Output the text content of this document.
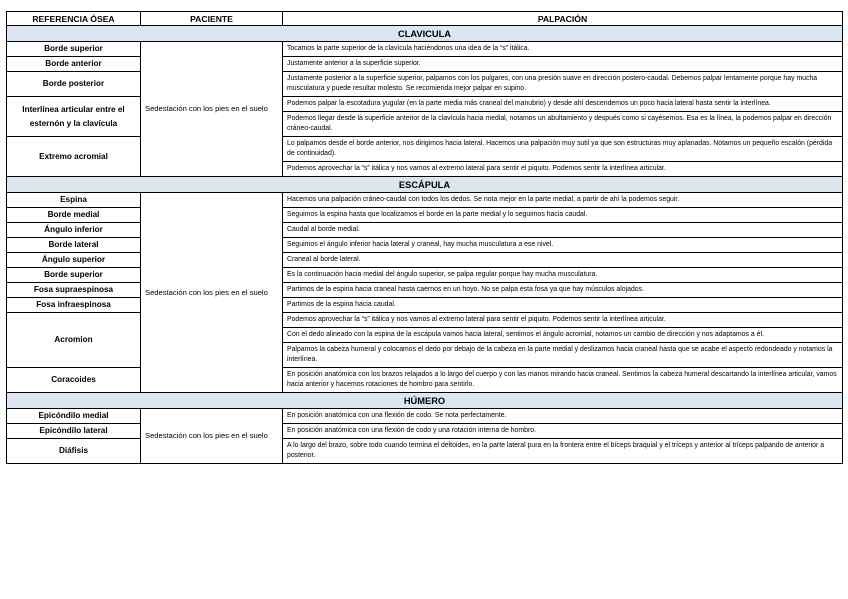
REFERENCIA ÓSEA	PACIENTE	PALPACIÓN
CLAVICULA		
Borde superior	Sedestación con los pies en el suelo	Tocamos la parte superior de la clavícula haciéndonos una idea de la “s” itálica.
Borde anterior		Justamente anterior a la superficie superior.
Borde posterior		Justamente posterior a la superficie superior, palpamos con los pulgares, con una presión suave en dirección postero-caudal. Debemos palpar lentamente porque hay mucha musculatura y puede resultar molesto. Se recomienda mejor palpar en supino.
Interlínea articular entre el esternón y la clavícula		Podemos palpar la escotadura yugular (en la parte media más craneal del manubrio) y desde ahí descendemos un poco hacia lateral hasta sentir la interlínea.
		Podemos llegar desde la superficie anterior de la clavícula hacia medial, notamos un abultamiento y después como si cayésemos. Esa es la línea, la podemos palpar en dirección cráneo-caudal.
Extremo acromial		Lo palpamos desde el borde anterior, nos dirigimos hacia lateral. Hacemos una palpación muy sutil ya que son estructuras muy aplanadas. Notamos un pequeño escalón (pérdida de continuidad).
		Podemos aprovechar la “s” itálica y nos vamos al extremo lateral para sentir el piquito. Podemos sentir la interlínea articular.
ESCÁPULA		
Espina	Sedestación con los pies en el suelo	Hacemos una palpación cráneo-caudal con todos los dedos. Se nota mejor en la parte medial, a partir de ahí la podemos seguir.
Borde medial		Seguimos la espina hasta que localizamos el borde en la parte medial y lo seguimos hacia caudal.
Ángulo inferior		Caudal al borde medial.
Borde lateral		Seguimos el ángulo inferior hacia lateral y craneal, hay mucha musculatura a ese nivel.
Ángulo superior		Craneal al borde lateral.
Borde superior		Es la continuación hacia medial del ángulo superior, se palpa regular porque hay mucha musculatura.
Fosa supraespinosa		Partimos de la espina hacia craneal hasta caernos en un hoyo. No se palpa esta fosa ya que hay músculos alojados.
Fosa infraespinosa		Partimos de la espina hacia caudal.
Acromion		Podemos aprovechar la “s” itálica y nos vamos al extremo lateral para sentir el piquito. Podemos sentir la interlínea articular.
		Con el dedo alineado con la espina de la escápula vamos hacia lateral, sentimos el ángulo acromial, notamos un cambio de dirección y nos adaptamos a él.
		Palpamos la cabeza humeral y colocamos el dedo por debajo de la cabeza en la parte medial y deslizamos hacia craneal hasta que se acabe el aspecto redondeado y notamos la interlínea.
Coracoides		En posición anatómica con los brazos relajados a lo largo del cuerpo y con las manos mirando hacia craneal. Sentimos la cabeza humeral descartando la interlínea articular, vamos hacia anterior y hacemos rotaciones de hombro para sentirlo.
HÚMERO		
Epicóndilo medial	Sedestación con los pies en el suelo	En posición anatómica con una flexión de codo. Se nota perfectamente.
Epicóndilo lateral		En posición anatómica con una flexión de codo y una rotación interna de hombro.
Diáfisis		A lo largo del brazo, sobre todo cuando termina el deltoides, en la parte lateral pura en la frontera entre el bíceps braquial y el tríceps y anterior al tríceps palpando de anterior a posterior.
